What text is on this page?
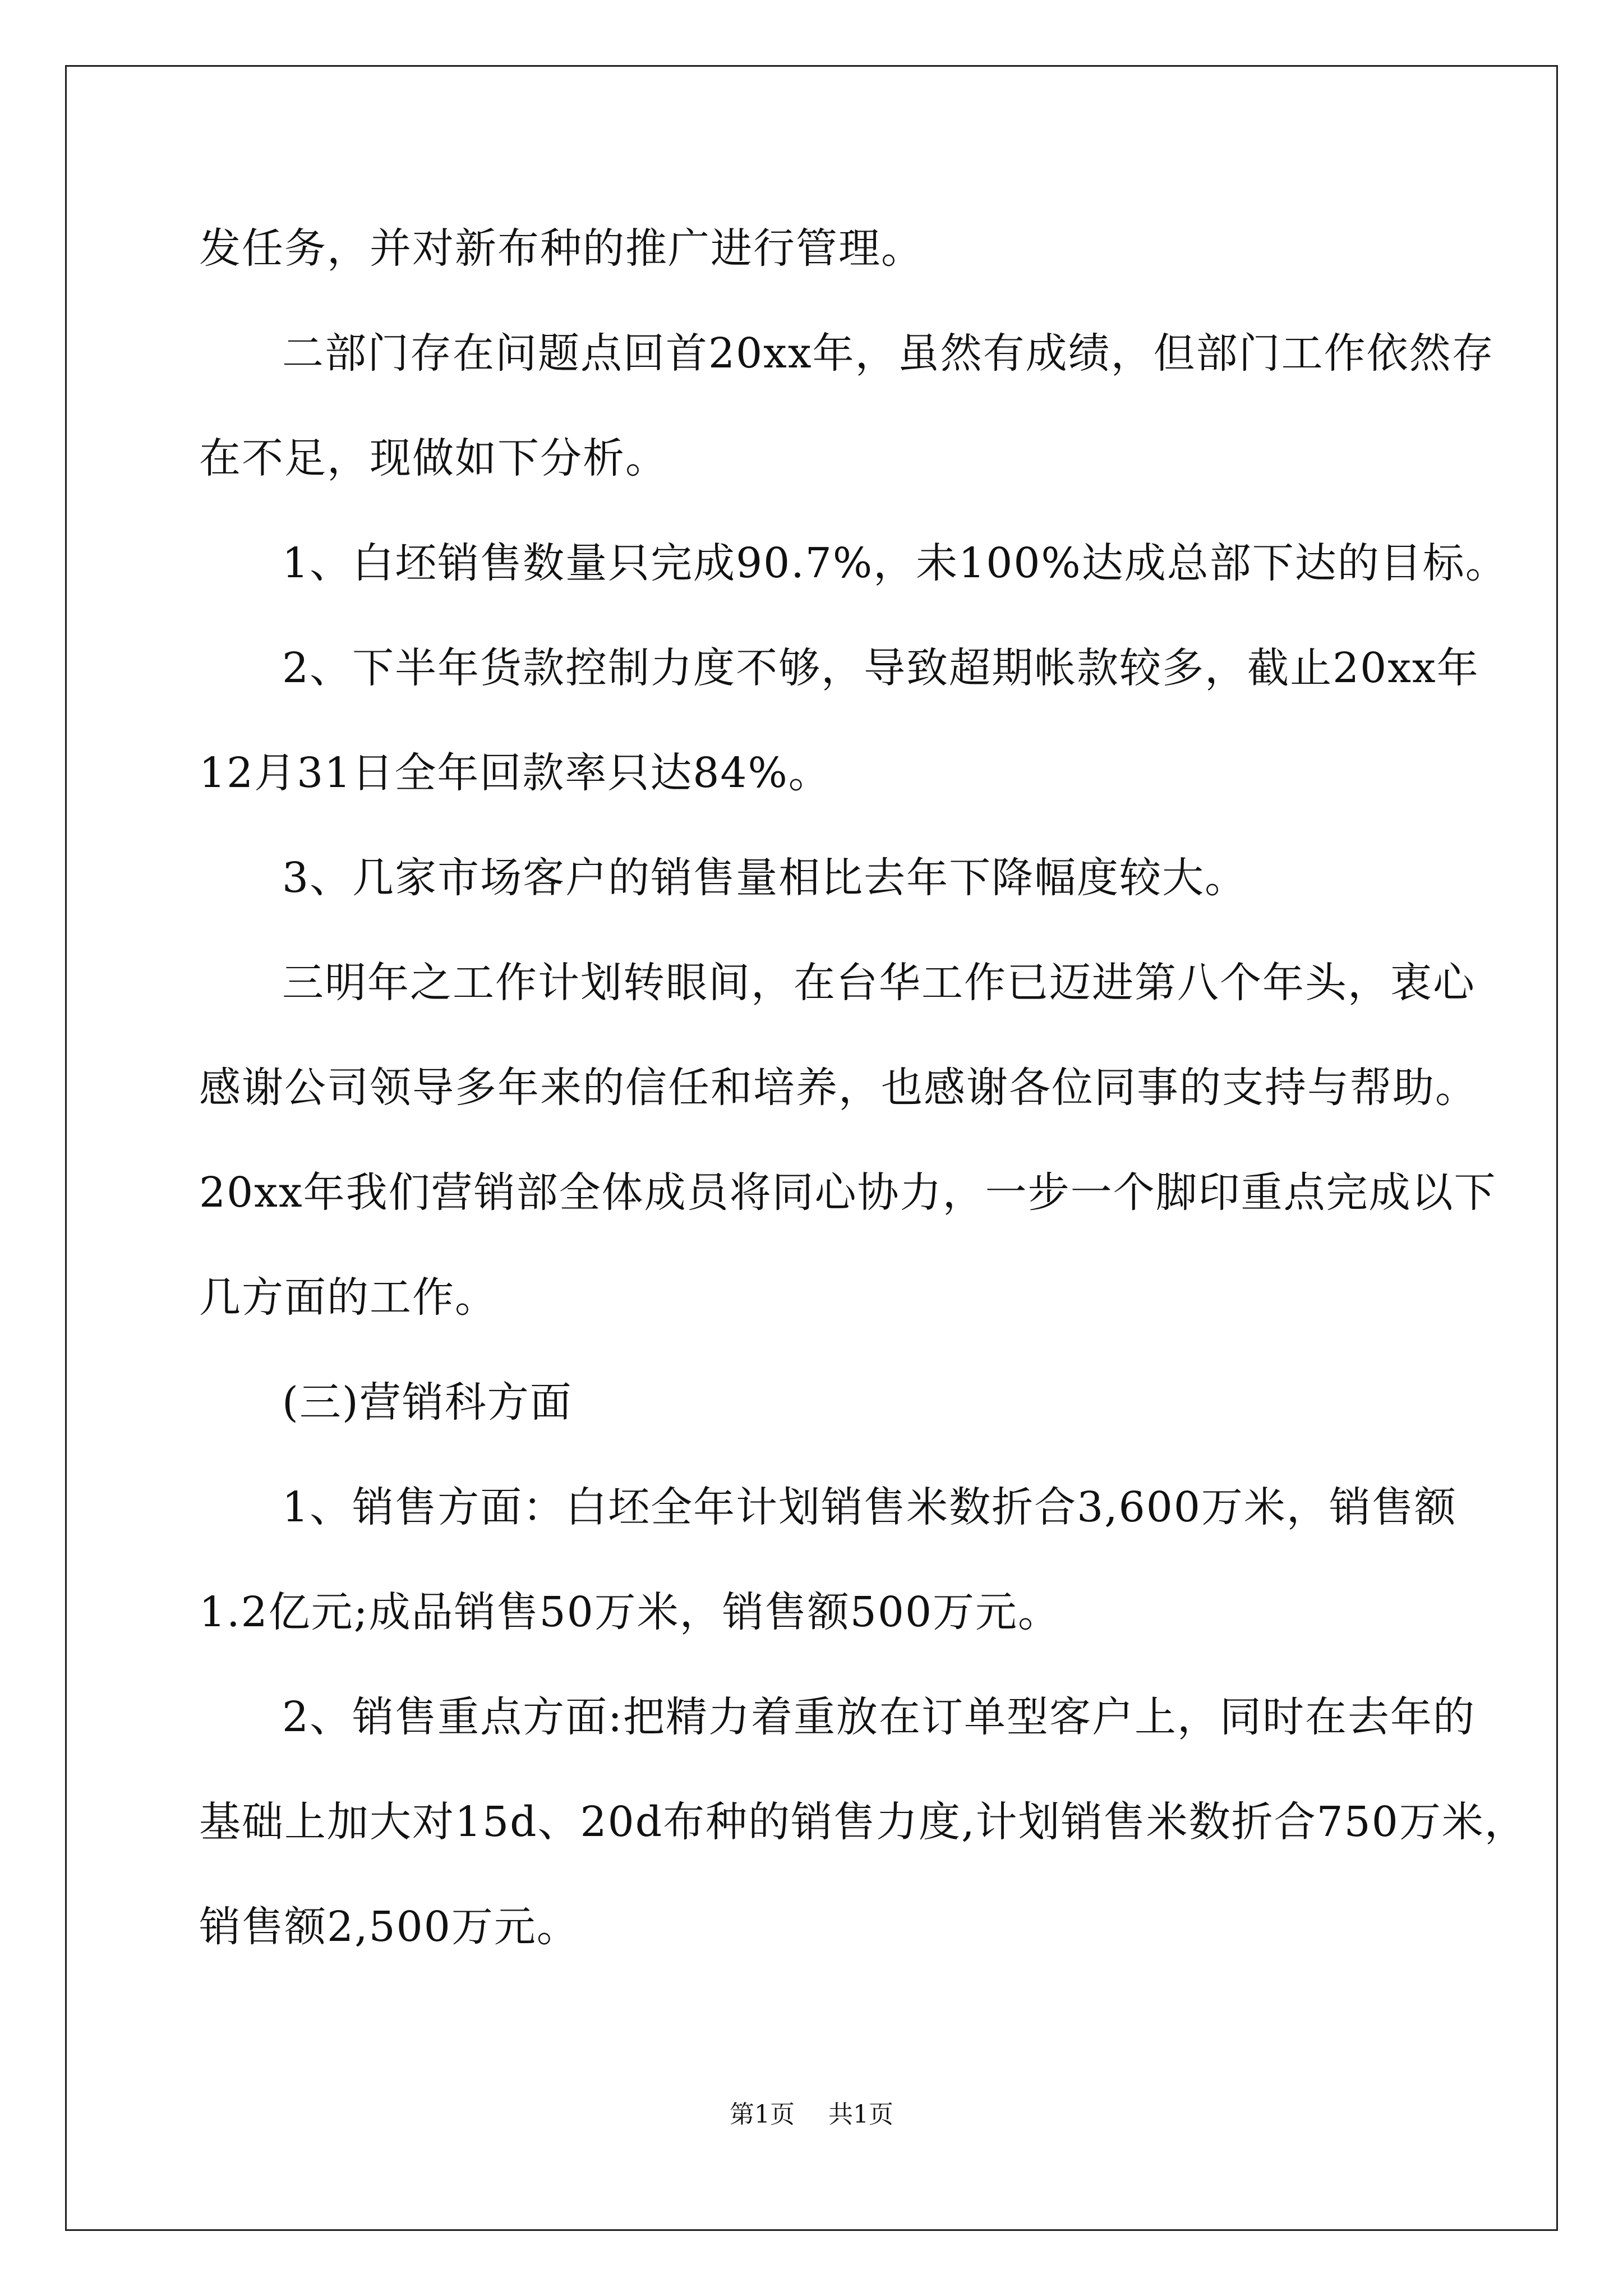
发任务，并对新布种的推广进行管理。
二部门存在问题点回首20xx年，虽然有成绩，但部门工作依然存
在不足，现做如下分析。
1、白坯销售数量只完成90.7%，未100%达成总部下达的目标。
2、下半年货款控制力度不够，导致超期帐款较多，截止20xx年
12月31日全年回款率只达84%。
3、几家市场客户的销售量相比去年下降幅度较大。
三明年之工作计划转眼间，在台华工作已迈进第八个年头，衷心
感谢公司领导多年来的信任和培养，也感谢各位同事的支持与帮助。
20xx年我们营销部全体成员将同心协力，一步一个脚印重点完成以下
几方面的工作。
(三)营销科方面
1、销售方面：白坯全年计划销售米数折合3,600万米，销售额
1.2亿元;成品销售50万米，销售额500万元。
2、销售重点方面:把精力着重放在订单型客户上，同时在去年的
基础上加大对15d、20d布种的销售力度,计划销售米数折合750万米，
销售额2,500万元。
第1页 共1页
